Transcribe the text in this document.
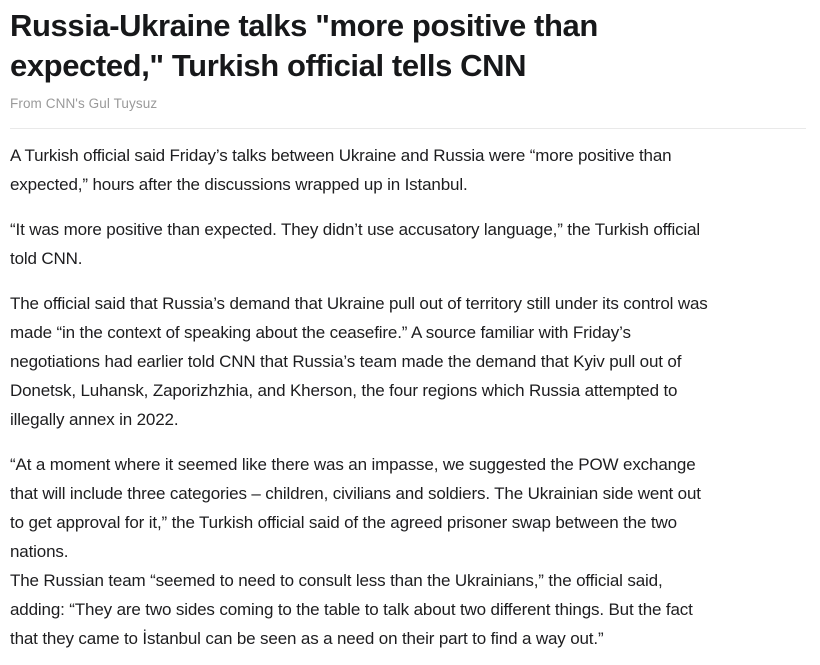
Russia-Ukraine talks "more positive than
expected," Turkish official tells CNN
From CNN's Gul Tuysuz

A Turkish official said Friday’s talks between Ukraine and Russia were “more positive than
expected,” hours after the discussions wrapped up in Istanbul.

“It was more positive than expected. They didn’t use accusatory language,” the Turkish official
told CNN.

The official said that Russia’s demand that Ukraine pull out of territory still under its control was
made “in the context of speaking about the ceasefire.” A source familiar with Friday’s
negotiations had earlier told CNN that Russia’s team made the demand that Kyiv pull out of
Donetsk, Luhansk, Zaporizhzhia, and Kherson, the four regions which Russia attempted to
illegally annex in 2022.

“At a moment where it seemed like there was an impasse, we suggested the POW exchange
that will include three categories – children, civilians and soldiers. The Ukrainian side went out
to get approval for it,” the Turkish official said of the agreed prisoner swap between the two
nations.

The Russian team “seemed to need to consult less than the Ukrainians,” the official said,
adding: “They are two sides coming to the table to talk about two different things. But the fact
that they came to İstanbul can be seen as a need on their part to find a way out.”
